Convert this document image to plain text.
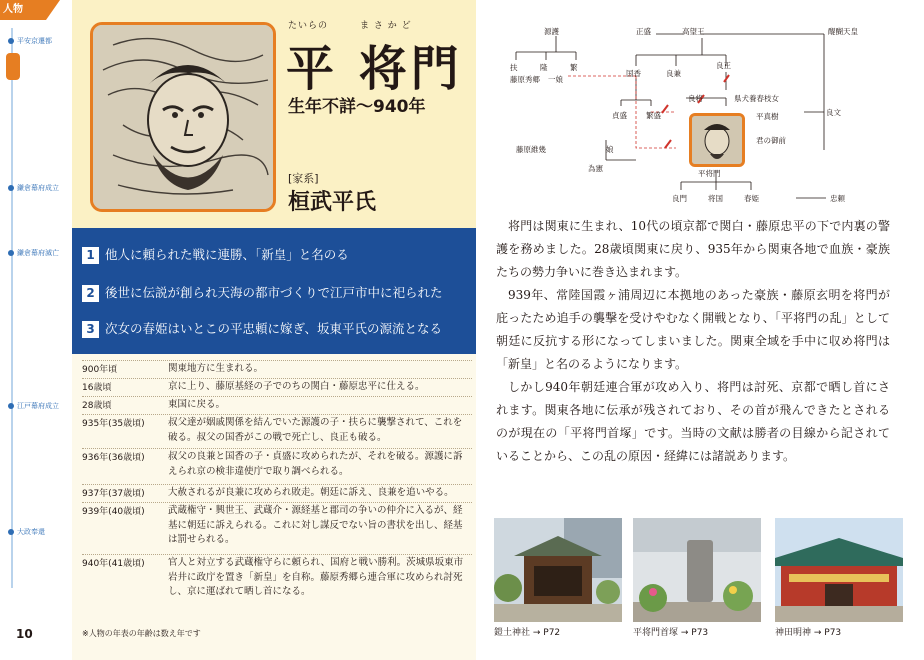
人物
平安京遷都
鎌倉幕府成立
鎌倉幕府滅亡
江戸幕府成立
大政奉還
10
たいらの	ま さ か ど
平 将門
生年不詳〜940年
[家系]
桓武平氏
1 他人に頼られた戦に連勝、「新皇」と名のる
2 後世に伝説が創られ天海の都市づくりで江戸市中に祀られた
3 次女の春姫はいとこの平忠頼に嫁ぎ、坂東平氏の源流となる
900年頃	関東地方に生まれる。
16歳頃	京に上り、藤原基経の子でのちの関白・藤原忠平に仕える。
28歳頃	東国に戻る。
935年(35歳頃) 叔父達が姻戚関係を結んでいた源護の子・扶らに襲撃されて、これを破る。叔父の国香がこの戦で死亡し、良正も破る。
936年(36歳頃) 叔父の良兼と国香の子・貞盛に攻められたが、それを破る。源護に訴えられ京の検非違使庁で取り調べられる。
937年(37歳頃) 大赦されるが良兼に攻められ敗走。朝廷に訴え、良兼を追いやる。
939年(40歳頃) 武蔵権守・興世王、武蔵介・源経基と郡司の争いの仲介に入るが、経基に朝廷に訴えられる。これに対し謀反でない旨の書状を出し、経基は罰せられる。
940年(41歳頃) 官人と対立する武蔵権守らに頼られ、国府と戦い勝利。茨城県坂東市岩井に政庁を置き「新皇」を自称。藤原秀郷ら連合軍に攻められ討死し、京に運ばれて晒し首になる。
※人物の年表の年齢は数え年です
源護	正盛	高望王	醍醐天皇
扶	隆	繁	良正
藤原秀郷 一娘
国香	良兼
良将	県犬養春枝女
平真樹	良文
貞盛	繁盛
君の御前
藤原維幾	娘
為憲
平将門
良門	将国	春姫	忠頼

将門は関東に生まれ、10代の頃京都で関白・藤原忠平の下で内裏の警護を務めました。28歳頃関東に戻り、935年から関東各地で血族・豪族たちの勢力争いに巻き込まれます。

939年、常陸国霞ヶ浦周辺に本拠地のあった豪族・藤原玄明を将門が庇ったため追手の襲撃を受けやむなく開戦となり、「平将門の乱」として朝廷に反抗する形になってしまいました。関東全域を手中に収め将門は「新皇」と名のるようになります。

しかし940年朝廷連合軍が攻め入り、将門は討死、京都で晒し首にされます。関東各地に伝承が残されており、その首が飛んできたとされるのが現在の「平将門首塚」です。当時の文献は勝者の目線から記されていることから、この乱の原因・経緯には諸説あります。

鎧土神社 → P72	平将門首塚 → P73	神田明神 → P73
